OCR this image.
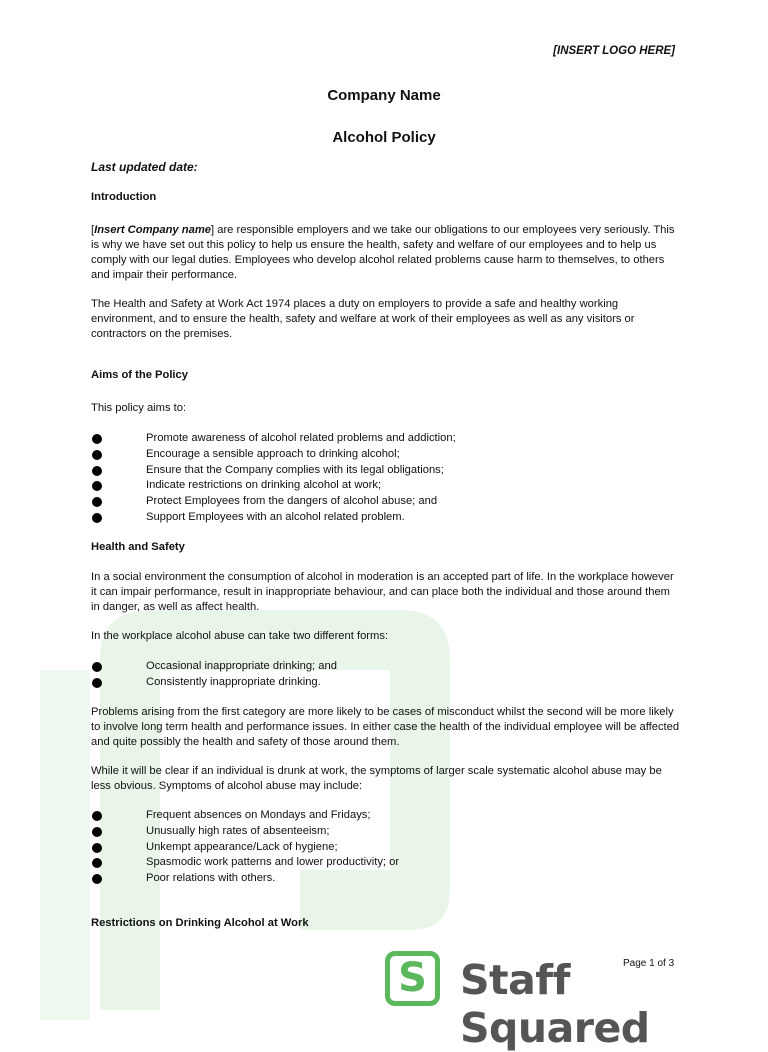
[INSERT LOGO HERE]
Company Name
Alcohol Policy
Last updated date:
Introduction

[Insert Company name] are responsible employers and we take our obligations to our employees very seriously. This is why we have set out this policy to help us ensure the health, safety and welfare of our employees and to help us comply with our legal duties. Employees who develop alcohol related problems cause harm to themselves, to others and impair their performance.

The Health and Safety at Work Act 1974 places a duty on employers to provide a safe and healthy working environment, and to ensure the health, safety and welfare at work of their employees as well as any visitors or contractors on the premises.

Aims of the Policy
This policy aims to:
Promote awareness of alcohol related problems and addiction;
Encourage a sensible approach to drinking alcohol;
Ensure that the Company complies with its legal obligations;
Indicate restrictions on drinking alcohol at work;
Protect Employees from the dangers of alcohol abuse; and
Support Employees with an alcohol related problem.
Health and Safety

In a social environment the consumption of alcohol in moderation is an accepted part of life. In the workplace however it can impair performance, result in inappropriate behaviour, and can place both the individual and those around them in danger, as well as affect health.

In the workplace alcohol abuse can take two different forms:

Occasional inappropriate drinking; and
Consistently inappropriate drinking.

Problems arising from the first category are more likely to be cases of misconduct whilst the second will be more likely to involve long term health and performance issues. In either case the health of the individual employee will be affected and quite possibly the health and safety of those around them.

While it will be clear if an individual is drunk at work, the symptoms of larger scale systematic alcohol abuse may be less obvious. Symptoms of alcohol abuse may include:

Frequent absences on Mondays and Fridays;
Unusually high rates of absenteeism;
Unkempt appearance/Lack of hygiene;
Spasmodic work patterns and lower productivity; or
Poor relations with others.
Restrictions on Drinking Alcohol at Work
Page 1 of 3
S Staff Squared
